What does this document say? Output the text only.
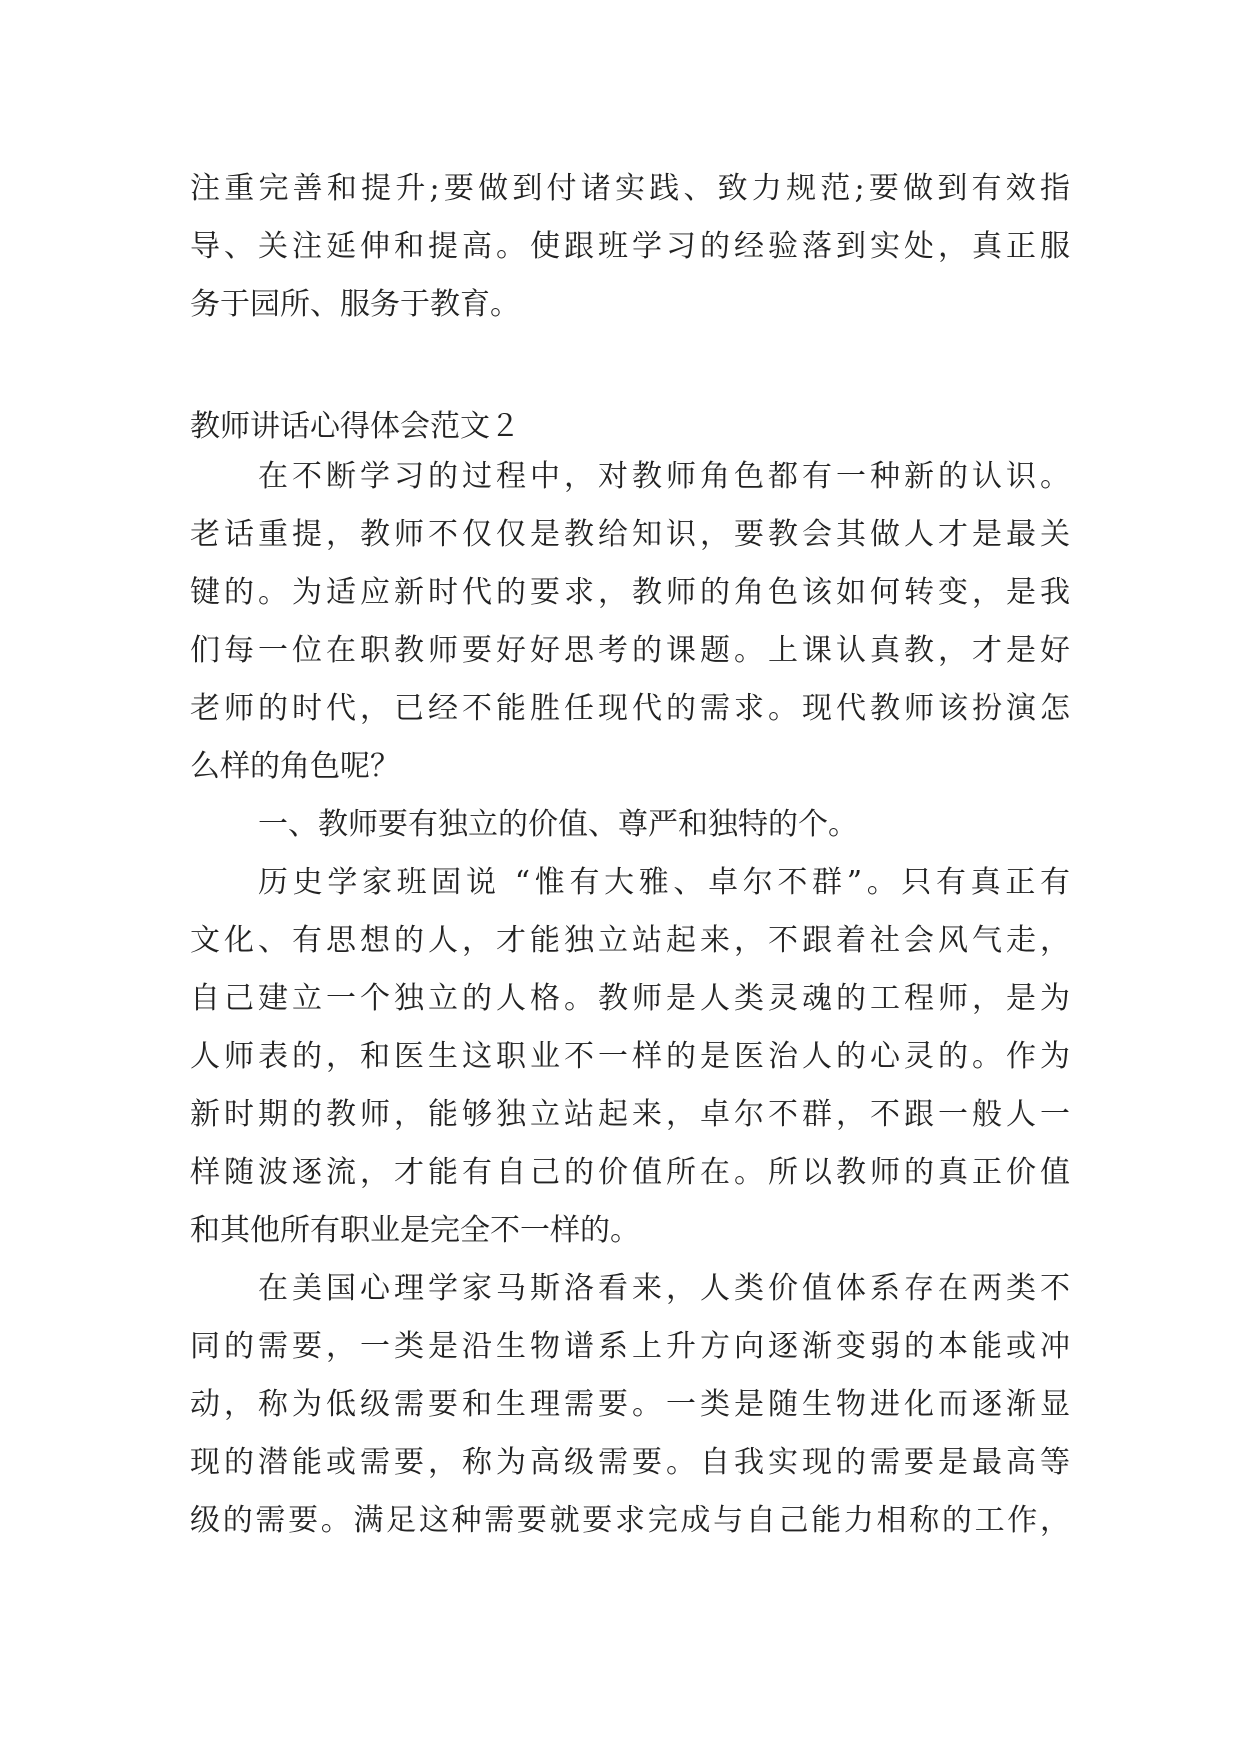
注重完善和提升;要做到付诸实践、致力规范;要做到有效指
导、关注延伸和提高。使跟班学习的经验落到实处，真正服
务于园所、服务于教育。
教师讲话心得体会范文２
在不断学习的过程中，对教师角色都有一种新的认识。
老话重提，教师不仅仅是教给知识，要教会其做人才是最关
键的。为适应新时代的要求，教师的角色该如何转变，是我
们每一位在职教师要好好思考的课题。上课认真教，才是好
老师的时代，已经不能胜任现代的需求。现代教师该扮演怎
么样的角色呢？
一、教师要有独立的价值、尊严和独特的个。
历史学家班固说 “惟有大雅、卓尔不群”。只有真正有
文化、有思想的人，才能独立站起来，不跟着社会风气走，
自己建立一个独立的人格。教师是人类灵魂的工程师，是为
人师表的，和医生这职业不一样的是医治人的心灵的。作为
新时期的教师，能够独立站起来，卓尔不群，不跟一般人一
样随波逐流，才能有自己的价值所在。所以教师的真正价值
和其他所有职业是完全不一样的。
在美国心理学家马斯洛看来，人类价值体系存在两类不
同的需要，一类是沿生物谱系上升方向逐渐变弱的本能或冲
动，称为低级需要和生理需要。一类是随生物进化而逐渐显
现的潜能或需要，称为高级需要。自我实现的需要是最高等
级的需要。满足这种需要就要求完成与自己能力相称的工作，
